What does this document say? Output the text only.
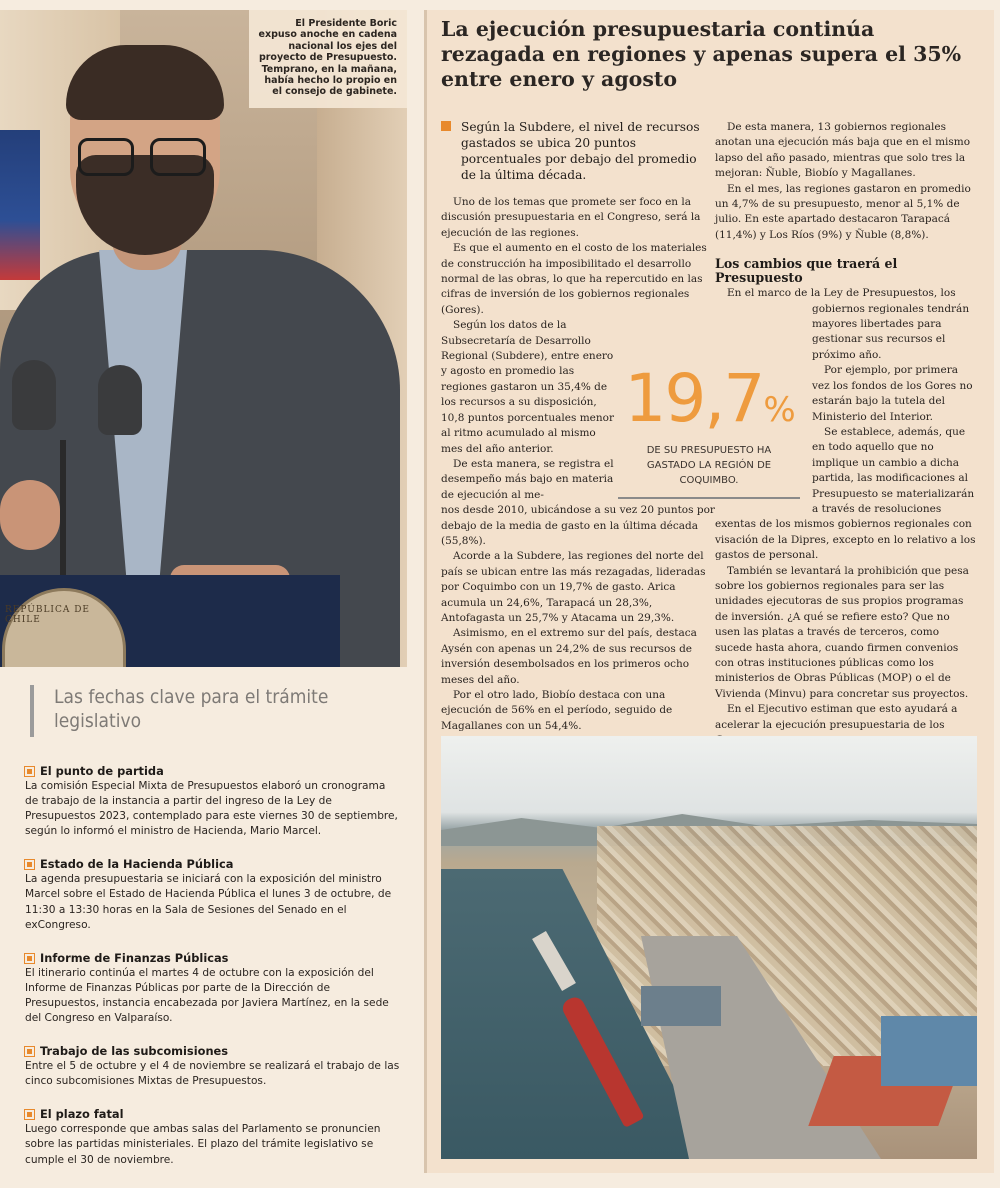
REPÚBLICA DE CHILE
El Presidente Boric expuso anoche en cadena nacional los ejes del proyecto de Presupuesto. Temprano, en la mañana, había hecho lo propio en el consejo de gabinete.
Las fechas clave para el trámite legislativo
El punto de partida

La comisión Especial Mixta de Presupuestos elaboró un cronograma de trabajo de la instancia a partir del ingreso de la Ley de Presupuestos 2023, contemplado para este viernes 30 de septiembre, según lo informó el ministro de Hacienda, Mario Marcel.

Estado de la Hacienda Pública

La agenda presupuestaria se iniciará con la exposición del ministro Marcel sobre el Estado de Hacienda Pública el lunes 3 de octubre, de 11:30 a 13:30 horas en la Sala de Sesiones del Senado en el exCongreso.

Informe de Finanzas Públicas

El itinerario continúa el martes 4 de octubre con la exposición del Informe de Finanzas Públicas por parte de la Dirección de Presupuestos, instancia encabezada por Javiera Martínez, en la sede del Congreso en Valparaíso.

Trabajo de las subcomisiones

Entre el 5 de octubre y el 4 de noviembre se realizará el trabajo de las cinco subcomisiones Mixtas de Presupuestos.

El plazo fatal

Luego corresponde que ambas salas del Parlamento se pronuncien sobre las partidas ministeriales. El plazo del trámite legislativo se cumple el 30 de noviembre.

La ejecución presupuestaria continúa rezagada en regiones y apenas supera el 35% entre enero y agosto

Según la Subdere, el nivel de recursos gastados se ubica 20 puntos porcentuales por debajo del promedio de la última década.

Uno de los temas que promete ser foco en la discusión presupuestaria en el Congreso, será la ejecución de las regiones.

Es que el aumento en el costo de los materiales de construcción ha imposibilitado el desarrollo normal de las obras, lo que ha repercutido en las cifras de inversión de los gobiernos regionales (Gores).

Según los datos de la Subsecretaría de Desarrollo Regional (Subdere), entre enero y agosto en promedio las regiones gastaron un 35,4% de los recursos a su disposición, 10,8 puntos porcentuales menor al ritmo acumulado al mismo mes del año anterior.

De esta manera, se registra el desempeño más bajo en materia de ejecución al me-

nos desde 2010, ubicándose a su vez 20 puntos por debajo de la media de gasto en la última década (55,8%).

Acorde a la Subdere, las regiones del norte del país se ubican entre las más rezagadas, lideradas por Coquimbo con un 19,7% de gasto. Arica acumula un 24,6%, Tarapacá un 28,3%, Antofagasta un 25,7% y Atacama un 29,3%.

Asimismo, en el extremo sur del país, destaca Aysén con apenas un 24,2% de sus recursos de inversión desembolsados en los primeros ocho meses del año.

Por el otro lado, Biobío destaca con una ejecución de 56% en el período, seguido de Magallanes con un 54,4%.

19,7%
DE SU PRESUPUESTO HA GASTADO LA REGIÓN DE COQUIMBO.

De esta manera, 13 gobiernos regionales anotan una ejecución más baja que en el mismo lapso del año pasado, mientras que solo tres la mejoran: Ñuble, Biobío y Magallanes.

En el mes, las regiones gastaron en promedio un 4,7% de su presupuesto, menor al 5,1% de julio. En este apartado destacaron Tarapacá (11,4%) y Los Ríos (9%) y Ñuble (8,8%).

Los cambios que traerá el Presupuesto

En el marco de la Ley de Presupuestos, los

gobiernos regionales tendrán mayores libertades para gestionar sus recursos el próximo año.

Por ejemplo, por primera vez los fondos de los Gores no estarán bajo la tutela del Ministerio del Interior.

Se establece, además, que en todo aquello que no implique un cambio a dicha partida, las modificaciones al Presupuesto se materializarán a través de resoluciones

exentas de los mismos gobiernos regionales con visación de la Dipres, excepto en lo relativo a los gastos de personal.

También se levantará la prohibición que pesa sobre los gobiernos regionales para ser las unidades ejecutoras de sus propios programas de inversión. ¿A qué se refiere esto? Que no usen las platas a través de terceros, como sucede hasta ahora, cuando firmen convenios con otras instituciones públicas como los ministerios de Obras Públicas (MOP) o el de Vivienda (Minvu) para concretar sus proyectos.

En el Ejecutivo estiman que esto ayudará a acelerar la ejecución presupuestaria de los
